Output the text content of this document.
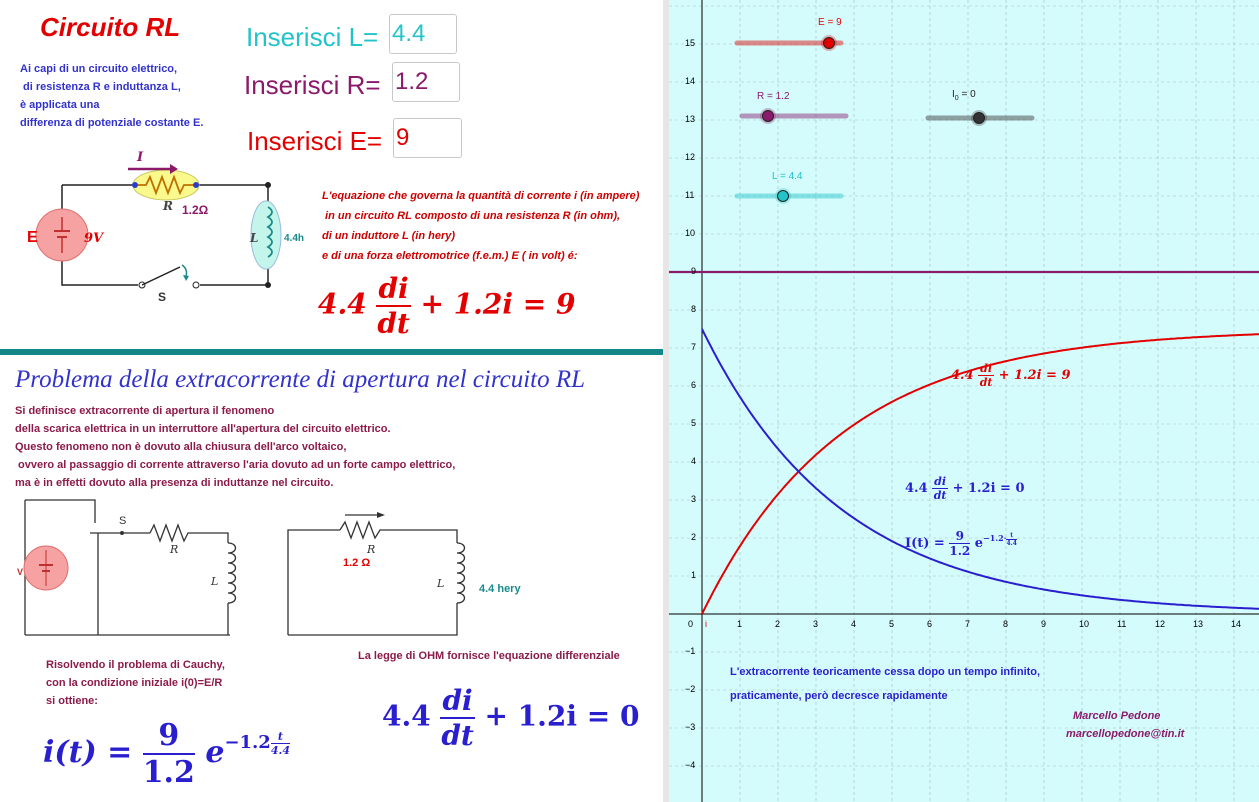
Circuito RL
Ai capi di un circuito elettrico,
di resistenza R e induttanza L,
è applicata una
differenza di potenziale costante E.
Inserisci L=
4.4
Inserisci R=
1.2
Inserisci E=
9
I
R 1.2Ω
L	4.4h
E	9V
S
L'equazione che governa la quantità di corrente i (in ampere)
in un circuito RL composto di una resistenza R (in ohm),
di un induttore L (in hery)
e di una forza elettromotrice (f.e.m.) E ( in volt) é:
$4.4 \frac{di}{dt} + 1.2i = 9$
Problema della extracorrente di apertura nel circuito RL
Si definisce extracorrente di apertura il fenomeno
della scarica elettrica in un interruttore all'apertura del circuito elettrico.
Questo fenomeno non è dovuto alla chiusura dell'arco voltaico,
ovvero al passaggio di corrente attraverso l'aria dovuto ad un forte campo elettrico,
ma è in effetti dovuto alla presenza di induttanze nel circuito.
S
R
L
V
R
1.2 Ω
L	4.4 hery
Risolvendo il problema di Cauchy,
con la condizione iniziale i(0)=E/R
si ottiene:
La legge di OHM fornisce l'equazione differenziale
$i(t) = \frac{9}{1.2} e^{-1.2 \frac{t}{4.4}}$
$4.4 \frac{di}{dt} + 1.2i = 0$
E = 9
R = 1.2	$I_0 = 0$
L = 4.4
$4.4 \frac{di}{dt} + 1.2i = 9$
$4.4 \frac{di}{dt} + 1.2i = 0$
$I(t) = \frac{9}{1.2} e^{-1.2\cdot \frac{t}{4.4}}$
L'extracorrente teoricamente cessa dopo un tempo infinito,
praticamente, però decresce rapidamente
Marcello Pedone
marcellopedone@tin.it
0	1	2	3	4	5	6	7	8	9	10	11	12	13	14
15
14
13
12
11
10
9
8
7
6
5
4
3
2
1
−1
−2
−3
−4
i
